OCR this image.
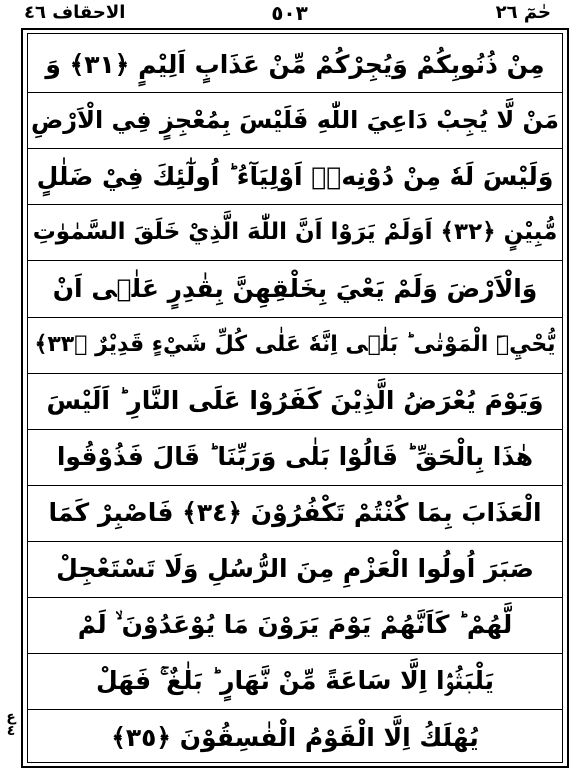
الاحقاف ٤٦	٥٠٣	حٰمٓ ٢٦
مِنْ ذُنُوبِكُمْ وَيُجِرْكُمْ مِّنْ عَذَابٍ اَلِيْمٍ ﴿٣١﴾ وَ
مَنْ لَّا يُجِبْ دَاعِيَ اللّٰهِ فَلَيْسَ بِمُعْجِزٍ فِي الْاَرْضِ
وَلَيْسَ لَهٗ مِنْ دُوْنِهٖۤ اَوْلِيَآءُ ؕ اُولٰٓئِكَ فِيْ ضَلٰلٍ
مُّبِيْنٍ ﴿٣٢﴾ اَوَلَمْ يَرَوْا اَنَّ اللّٰهَ الَّذِيْ خَلَقَ السَّمٰوٰتِ
وَالْاَرْضَ وَلَمْ يَعْيَ بِخَلْقِهِنَّ بِقٰدِرٍ عَلٰۤى اَنْ
يُّحْيِۦَ الْمَوْتٰى ؕ بَلٰۤى اِنَّهٗ عَلٰى كُلِّ شَيْءٍ قَدِيْرٌ ﴿٣٣﴾
وَيَوْمَ يُعْرَضُ الَّذِيْنَ كَفَرُوْا عَلَى النَّارِ ؕ اَلَيْسَ
هٰذَا بِالْحَقِّ ؕ قَالُوْا بَلٰى وَرَبِّنَا ؕ قَالَ فَذُوْقُوا
الْعَذَابَ بِمَا كُنْتُمْ تَكْفُرُوْنَ ﴿٣٤﴾ فَاصْبِرْ كَمَا
صَبَرَ اُولُوا الْعَزْمِ مِنَ الرُّسُلِ وَلَا تَسْتَعْجِلْ
لَّهُمْ ؕ كَاَنَّهُمْ يَوْمَ يَرَوْنَ مَا يُوْعَدُوْنَ ۙ لَمْ
يَلْبَثُوْۤا اِلَّا سَاعَةً مِّنْ نَّهَارٍ ؕ بَلٰغٌ ۚ فَهَلْ
يُهْلَكُ اِلَّا الْقَوْمُ الْفٰسِقُوْنَ ﴿٣٥﴾
ع ٤
